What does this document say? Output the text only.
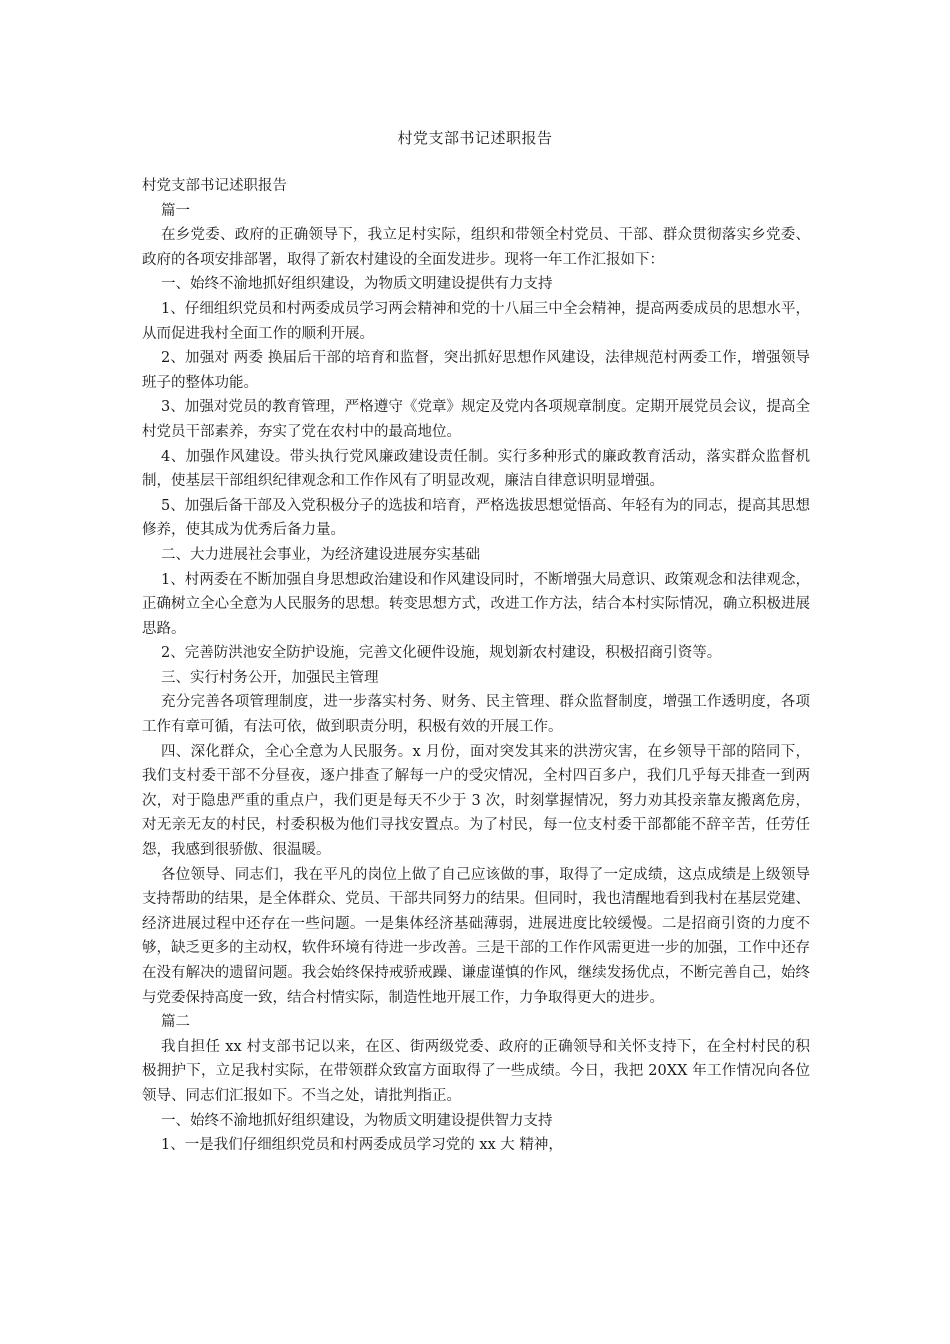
村党支部书记述职报告

村党支部书记述职报告

篇一

在乡党委、政府的正确领导下，我立足村实际，组织和带领全村党员、干部、群众贯彻落实乡党委、政府的各项安排部署，取得了新农村建设的全面发进步。现将一年工作汇报如下：

一、始终不渝地抓好组织建设，为物质文明建设提供有力支持

1、仔细组织党员和村两委成员学习两会精神和党的十八届三中全会精神，提高两委成员的思想水平，从而促进我村全面工作的顺利开展。

2、加强对 两委 换届后干部的培育和监督，突出抓好思想作风建设，法律规范村两委工作，增强领导班子的整体功能。

3、加强对党员的教育管理，严格遵守《党章》规定及党内各项规章制度。定期开展党员会议，提高全村党员干部素养，夯实了党在农村中的最高地位。

4、加强作风建设。带头执行党风廉政建设责任制。实行多种形式的廉政教育活动，落实群众监督机制，使基层干部组织纪律观念和工作作风有了明显改观，廉洁自律意识明显增强。

5、加强后备干部及入党积极分子的选拔和培育，严格选拔思想觉悟高、年轻有为的同志，提高其思想修养，使其成为优秀后备力量。

二、大力进展社会事业，为经济建设进展夯实基础

1、村两委在不断加强自身思想政治建设和作风建设同时，不断增强大局意识、政策观念和法律观念，正确树立全心全意为人民服务的思想。转变思想方式，改进工作方法，结合本村实际情况，确立积极进展思路。

2、完善防洪池安全防护设施，完善文化硬件设施，规划新农村建设，积极招商引资等。

三、实行村务公开，加强民主管理

充分完善各项管理制度，进一步落实村务、财务、民主管理、群众监督制度，增强工作透明度，各项工作有章可循，有法可依，做到职责分明，积极有效的开展工作。

四、深化群众，全心全意为人民服务。x 月份，面对突发其来的洪涝灾害，在乡领导干部的陪同下，我们支村委干部不分昼夜，逐户排查了解每一户的受灾情况，全村四百多户，我们几乎每天排查一到两次，对于隐患严重的重点户，我们更是每天不少于 3 次，时刻掌握情况，努力劝其投亲靠友搬离危房，对无亲无友的村民，村委积极为他们寻找安置点。为了村民，每一位支村委干部都能不辞辛苦，任劳任怨，我感到很骄傲、很温暖。

各位领导、同志们，我在平凡的岗位上做了自己应该做的事，取得了一定成绩，这点成绩是上级领导支持帮助的结果，是全体群众、党员、干部共同努力的结果。但同时，我也清醒地看到我村在基层党建、经济进展过程中还存在一些问题。一是集体经济基础薄弱，进展进度比较缓慢。二是招商引资的力度不够，缺乏更多的主动权，软件环境有待进一步改善。三是干部的工作作风需更进一步的加强，工作中还存在没有解决的遗留问题。我会始终保持戒骄戒躁、谦虚谨慎的作风，继续发扬优点，不断完善自己，始终与党委保持高度一致，结合村情实际，制造性地开展工作，力争取得更大的进步。

篇二

我自担任 xx 村支部书记以来，在区、街两级党委、政府的正确领导和关怀支持下，在全村村民的积极拥护下，立足我村实际，在带领群众致富方面取得了一些成绩。今日，我把 20XX 年工作情况向各位领导、同志们汇报如下。不当之处，请批判指正。

一、始终不渝地抓好组织建设，为物质文明建设提供智力支持

1、一是我们仔细组织党员和村两委成员学习党的 xx 大 精神，
